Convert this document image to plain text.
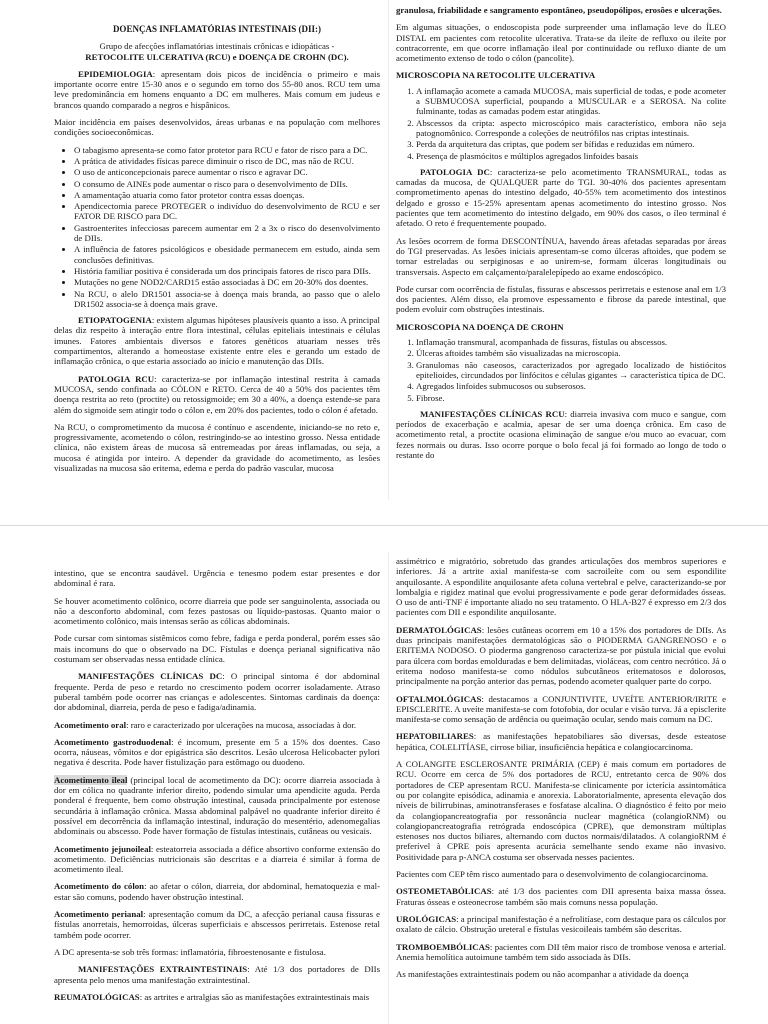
DOENÇAS INFLAMATÓRIAS INTESTINAIS (DII:)
Grupo de afecções inflamatórias intestinais crônicas e idiopáticas -
RETOCOLITE ULCERATIVA (RCU) e DOENÇA DE CROHN (DC).

EPIDEMIOLOGIA: apresentam dois picos de incidência o primeiro e mais importante ocorre entre 15-30 anos e o segundo em torno dos 55-80 anos. RCU tem uma leve predominância em homens enquanto a DC em mulheres. Mais comum em judeus e brancos quando comparado a negros e hispânicos.

Maior incidência em países desenvolvidos, áreas urbanas e na população com melhores condições socioeconômicas.

• O tabagismo apresenta-se como fator protetor para RCU e fator de risco para a DC.
• A prática de atividades físicas parece diminuir o risco de DC, mas não de RCU.
• O uso de anticoncepcionais parece aumentar o risco e agravar DC.
• O consumo de AINEs pode aumentar o risco para o desenvolvimento de DIIs.
• A amamentação atuaria como fator protetor contra essas doenças.
• Apendicectomia parece PROTEGER o indivíduo do desenvolvimento de RCU e ser FATOR DE RISCO para DC.
• Gastroenterites infecciosas parecem aumentar em 2 a 3x o risco do desenvolvimento de DIIs.
• A influência de fatores psicológicos e obesidade permanecem em estudo, ainda sem conclusões definitivas.
• História familiar positiva é considerada um dos principais fatores de risco para DIIs.
• Mutações no gene NOD2/CARD15 estão associadas à DC em 20-30% dos doentes.
• Na RCU, o alelo DR1501 associa-se à doença mais branda, ao passo que o alelo DR1502 associa-se à doença mais grave.

ETIOPATOGENIA: existem algumas hipóteses plausíveis quanto a isso. A principal delas diz respeito à interação entre flora intestinal, células epiteliais intestinais e células imunes. Fatores ambientais diversos e fatores genéticos atuariam nesses três compartimentos, alterando a homeostase existente entre eles e gerando um estado de inflamação crônica, o que estaria associado ao início e manutenção das DIIs.

PATOLOGIA RCU: caracteriza-se por inflamação intestinal restrita à camada MUCOSA, sendo confinada ao CÓLON e RETO. Cerca de 40 a 50% dos pacientes têm doença restrita ao reto (proctite) ou retossigmoide; em 30 a 40%, a doença estende-se para além do sigmoide sem atingir todo o cólon e, em 20% dos pacientes, todo o cólon é afetado.

Na RCU, o comprometimento da mucosa é contínuo e ascendente, iniciando-se no reto e, progressivamente, acometendo o cólon, restringindo-se ao intestino grosso. Nessa entidade clínica, não existem áreas de mucosa sã entremeadas por áreas inflamadas, ou seja, a mucosa é atingida por inteiro. A depender da gravidade do acometimento, as lesões visualizadas na mucosa são eritema, edema e perda do padrão vascular, mucosa

granulosa, friabilidade e sangramento espontâneo, pseudopólipos, erosões e ulcerações.

Em algumas situações, o endoscopista pode surpreender uma inflamação leve do ÍLEO DISTAL em pacientes com retocolite ulcerativa. Trata-se da ileíte de refluxo ou ileíte por contracorrente, em que ocorre inflamação ileal por continuidade ou refluxo diante de um acometimento extenso de todo o cólon (pancolite).

MICROSCOPIA NA RETOCOLITE ULCERATIVA
1. A inflamação acomete a camada MUCOSA, mais superficial de todas, e pode acometer a SUBMUCOSA superficial, poupando a MUSCULAR e a SEROSA. Na colite fulminante, todas as camadas podem estar atingidas.
2. Abscessos da cripta: aspecto microscópico mais característico, embora não seja patognomônico. Corresponde a coleções de neutrófilos nas criptas intestinais.
3. Perda da arquitetura das criptas, que podem ser bífidas e reduzidas em número.
4. Presença de plasmócitos e múltiplos agregados linfoides basais

PATOLOGIA DC: caracteriza-se pelo acometimento TRANSMURAL, todas as camadas da mucosa, de QUALQUER parte do TGI. 30-40% dos pacientes apresentam comprometimento apenas do intestino delgado, 40-55% tem acometimento dos intestinos delgado e grosso e 15-25% apresentam apenas acometimento do intestino grosso. Nos pacientes que tem acometimento do intestino delgado, em 90% dos casos, o íleo terminal é afetado. O reto é frequentemente poupado.

As lesões ocorrem de forma DESCONTÍNUA, havendo áreas afetadas separadas por áreas do TGI preservadas. As lesões iniciais apresentam-se como úlceras aftoides, que podem se tornar estreladas ou serpiginosas e ao unirem-se, formam úlceras longitudinais ou transversais. Aspecto em calçamento/paralelepípedo ao exame endoscópico.

Pode cursar com ocorrência de fístulas, fissuras e abscessos perirretais e estenose anal em 1/3 dos pacientes. Além disso, ela promove espessamento e fibrose da parede intestinal, que podem evoluir com obstruções intestinais.

MICROSCOPIA NA DOENÇA DE CROHN
1. Inflamação transmural, acompanhada de fissuras, fístulas ou abscessos.
2. Úlceras aftoides também são visualizadas na microscopia.
3. Granulomas não caseosos, caracterizados por agregado localizado de histiócitos epitelioides, circundados por linfócitos e células gigantes → característica típica de DC.
4. Agregados linfoides submucosos ou subserosos.
5. Fibrose.

MANIFESTAÇÕES CLÍNICAS RCU: diarreia invasiva com muco e sangue, com períodos de exacerbação e acalmia, apesar de ser uma doença crônica. Em caso de acometimento retal, a proctite ocasiona eliminação de sangue e/ou muco ao evacuar, com fezes normais ou duras. Isso ocorre porque o bolo fecal já foi formado ao longo de todo o restante do

intestino, que se encontra saudável. Urgência e tenesmo podem estar presentes e dor abdominal é rara.

Se houver acometimento colônico, ocorre diarreia que pode ser sanguinolenta, associada ou não a desconforto abdominal, com fezes pastosas ou líquido-pastosas. Quanto maior o acometimento colônico, mais intensas serão as cólicas abdominais.

Pode cursar com sintomas sistêmicos como febre, fadiga e perda ponderal, porém esses são mais incomuns do que o observado na DC. Fístulas e doença perianal significativa não costumam ser observadas nessa entidade clínica.

MANIFESTAÇÕES CLÍNICAS DC: O principal sintoma é dor abdominal frequente. Perda de peso e retardo no crescimento podem ocorrer isoladamente. Atraso puberal também pode ocorrer nas crianças e adolescentes. Sintomas cardinais da doença: dor abdominal, diarreia, perda de peso e fadiga/adinamia.

Acometimento oral: raro e caracterizado por ulcerações na mucosa, associadas à dor.

Acometimento gastroduodenal: é incomum, presente em 5 a 15% dos doentes. Caso ocorra, náuseas, vômitos e dor epigástrica são descritos. Lesão ulcerosa Helicobacter pylori negativa é descrita. Pode haver fistulização para estômago ou duodeno.

Acometimento ileal (principal local de acometimento da DC): ocorre diarreia associada à dor em cólica no quadrante inferior direito, podendo simular uma apendicite aguda. Perda ponderal é frequente, bem como obstrução intestinal, causada principalmente por estenose secundária à inflamação crônica. Massa abdominal palpável no quadrante inferior direito é possível em decorrência da inflamação intestinal, induração do mesentério, adenomegalias abdominais ou abscesso. Pode haver formação de fístulas intestinais, cutâneas ou vesicais.

Acometimento jejunoileal: esteatorreia associada a défice absortivo conforme extensão do acometimento. Deficiências nutricionais são descritas e a diarreia é similar à forma de acometimento ileal.

Acometimento do cólon: ao afetar o cólon, diarreia, dor abdominal, hematoquezia e mal-estar são comuns, podendo haver obstrução intestinal.

Acometimento perianal: apresentação comum da DC, a afecção perianal causa fissuras e fístulas anorretais, hemorroidas, úlceras superficiais e abscessos perirretais. Estenose retal também pode ocorrer.

A DC apresenta-se sob três formas: inflamatória, fibroestenosante e fistulosa.

MANIFESTAÇÕES EXTRAINTESTINAIS: Até 1/3 dos portadores de DIIs apresenta pelo menos uma manifestação extraintestinal.

REUMATOLÓGICAS: as artrites e artralgias são as manifestações extraintestinais mais

assimétrico e migratório, sobretudo das grandes articulações dos membros superiores e inferiores. Já a artrite axial manifesta-se com sacroileíte com ou sem espondilite anquilosante. A espondilite anquilosante afeta coluna vertebral e pelve, caracterizando-se por lombalgia e rigidez matinal que evolui progressivamente e pode gerar deformidades ósseas. O uso de anti-TNF é importante aliado no seu tratamento. O HLA-B27 é expresso em 2/3 dos pacientes com DII e espondilite anquilosante.

DERMATOLÓGICAS: lesões cutâneas ocorrem em 10 a 15% dos portadores de DIIs. As duas principais manifestações dermatológicas são o PIODERMA GANGRENOSO e o ERITEMA NODOSO. O pioderma gangrenoso caracteriza-se por pústula inicial que evolui para úlcera com bordas emolduradas e bem delimitadas, violáceas, com centro necrótico. Já o eritema nodoso manifesta-se como nódulos subcutâneos eritematosos e dolorosos, principalmente na porção anterior das pernas, podendo acometer qualquer parte do corpo.

OFTALMOLÓGICAS: destacamos a CONJUNTIVITE, UVEÍTE ANTERIOR/IRITE e EPISCLERITE. A uveíte manifesta-se com fotofobia, dor ocular e visão turva. Já a episclerite manifesta-se como sensação de ardência ou queimação ocular, sendo mais comum na DC.

HEPATOBILIARES: as manifestações hepatobiliares são diversas, desde esteatose hepática, COLELITÍASE, cirrose biliar, insuficiência hepática e colangiocarcinoma.

A COLANGITE ESCLEROSANTE PRIMÁRIA (CEP) é mais comum em portadores de RCU. Ocorre em cerca de 5% dos portadores de RCU, entretanto cerca de 90% dos portadores de CEP apresentam RCU. Manifesta-se clinicamente por icterícia assintomática ou por colangite episódica, adinamia e anorexia. Laboratorialmente, apresenta elevação dos níveis de bilirrubinas, aminotransferases e fosfatase alcalina. O diagnóstico é feito por meio da colangiopancreatografia por ressonância nuclear magnética (colangioRNM) ou colangiopancreatografia retrógrada endoscópica (CPRE), que demonstram múltiplas estenoses nos ductos biliares, alternando com ductos normais/dilatados. A colangioRNM é preferível à CPRE pois apresenta acurácia semelhante sendo exame não invasivo. Positividade para p-ANCA costuma ser observada nesses pacientes.

Pacientes com CEP têm risco aumentado para o desenvolvimento de colangiocarcinoma.

OSTEOMETABÓLICAS: até 1/3 dos pacientes com DII apresenta baixa massa óssea. Fraturas ósseas e osteonecrose também são mais comuns nessa população.

UROLÓGICAS: a principal manifestação é a nefrolitíase, com destaque para os cálculos por oxalato de cálcio. Obstrução ureteral e fístulas vesicoileais também são descritas.

TROMBOEMBÓLICAS: pacientes com DII têm maior risco de trombose venosa e arterial. Anemia hemolítica autoimune também tem sido associada às DIIs.

As manifestações extraintestinais podem ou não acompanhar a atividade da doença
